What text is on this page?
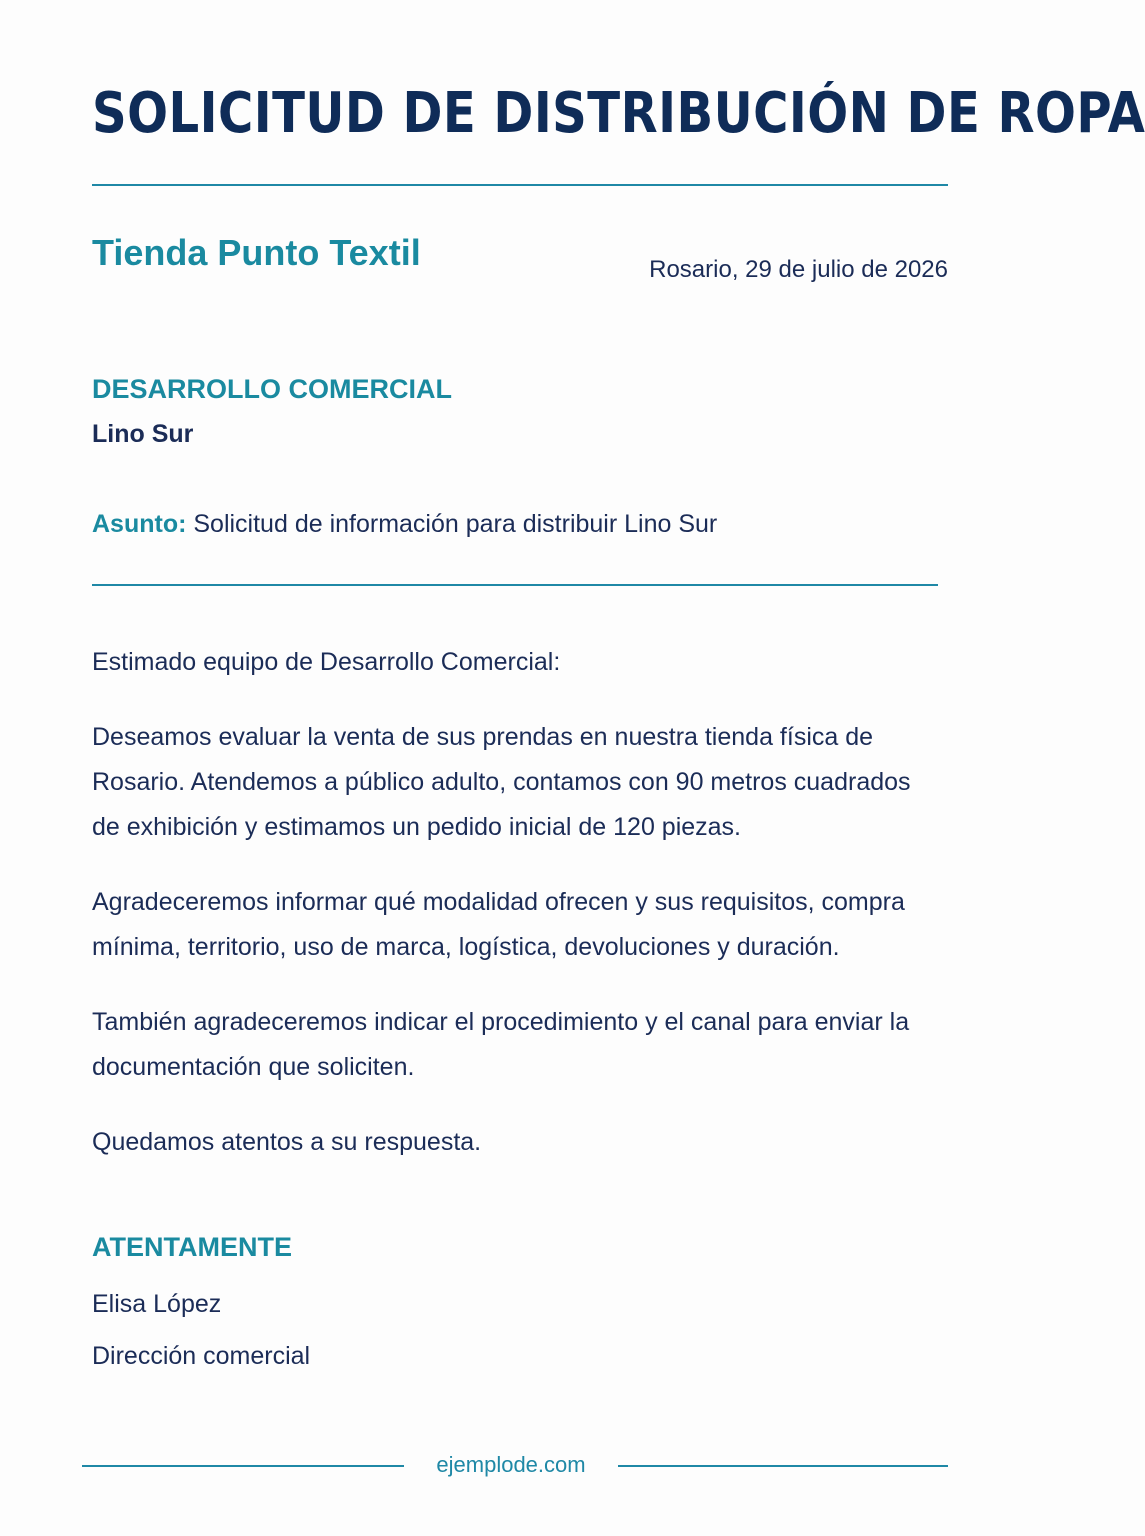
SOLICITUD DE DISTRIBUCIÓN DE ROPA
Tienda Punto Textil	Rosario, 29 de julio de 2026
DESARROLLO COMERCIAL
Lino Sur
Asunto: Solicitud de información para distribuir Lino Sur

Estimado equipo de Desarrollo Comercial:

Deseamos evaluar la venta de sus prendas en nuestra tienda física de Rosario. Atendemos a público adulto, contamos con 90 metros cuadrados de exhibición y estimamos un pedido inicial de 120 piezas.

Agradeceremos informar qué modalidad ofrecen y sus requisitos, compra mínima, territorio, uso de marca, logística, devoluciones y duración.

También agradeceremos indicar el procedimiento y el canal para enviar la documentación que soliciten.

Quedamos atentos a su respuesta.

ATENTAMENTE
Elisa López
Dirección comercial
ejemplode.com
